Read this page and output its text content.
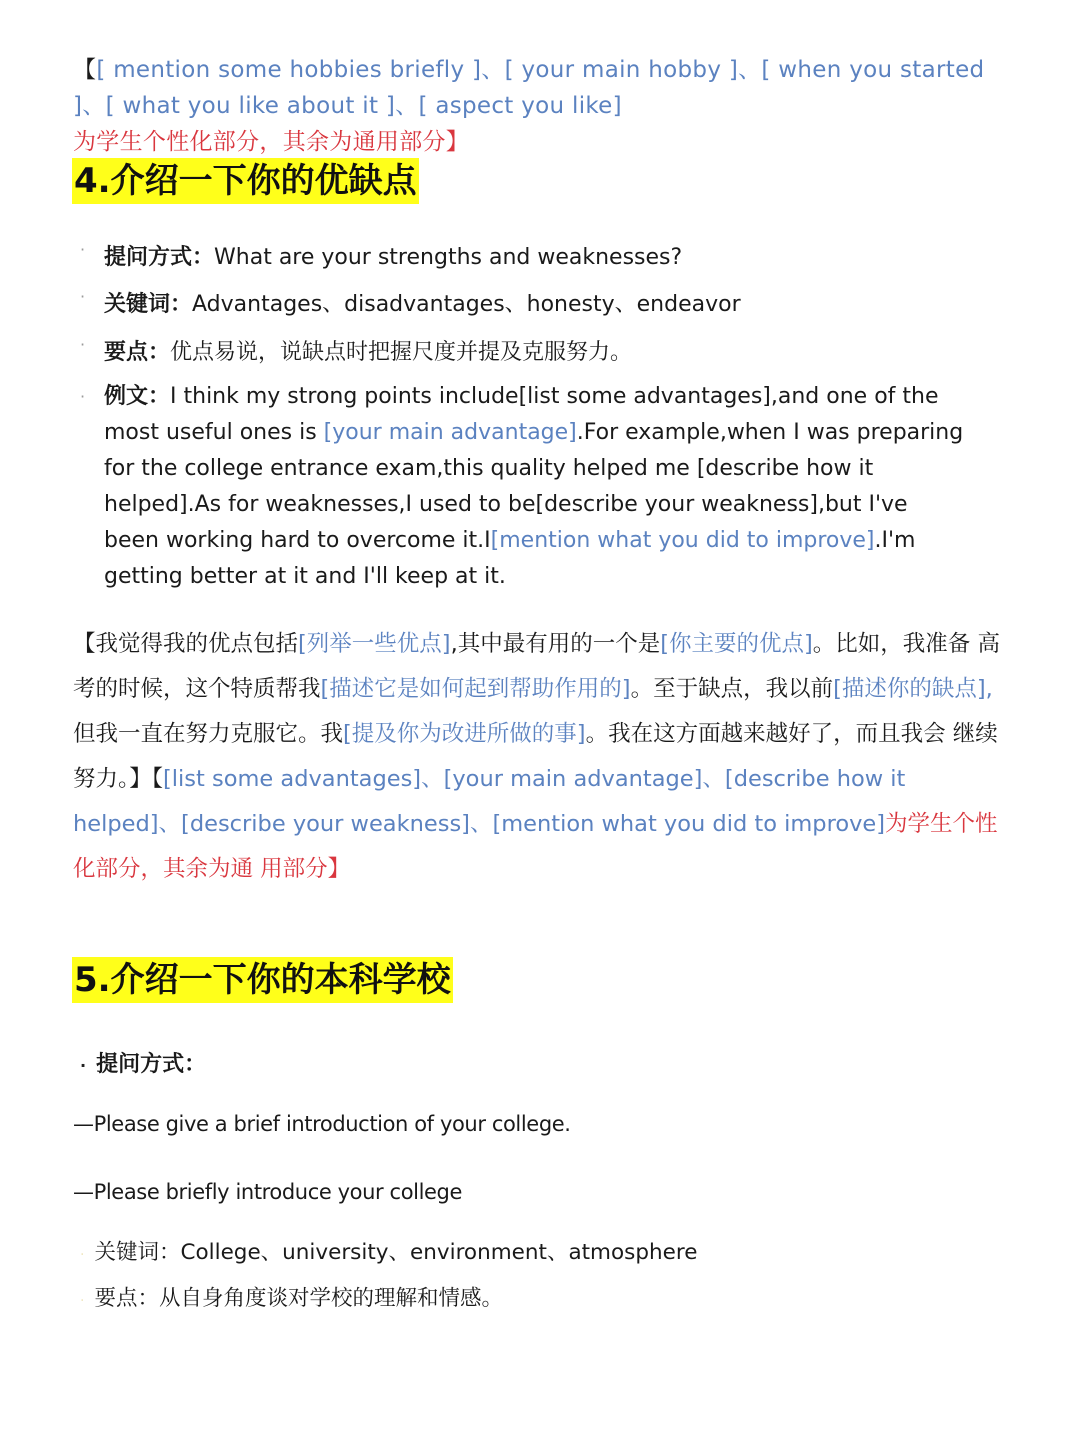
【[ mention some hobbies briefly ]、[ your main hobby ]、[ when you started ]、[ what you like about it ]、[ aspect you like]为学生个性化部分，其余为通用部分】
4.介绍一下你的优缺点
· 提问方式：What are your strengths and weaknesses?
· 关键词：Advantages、disadvantages、honesty、endeavor
· 要点：优点易说，说缺点时把握尺度并提及克服努力。
· 例文：I think my strong points include[list some advantages],and one of the
most useful ones is [your main advantage].For example,when I was preparing
for the college entrance exam,this quality helped me [describe how it
helped].As for weaknesses,I used to be[describe your weakness],but I've
been working hard to overcome it.I[mention what you did to improve].I'm
getting better at it and I'll keep at it.
【我觉得我的优点包括[列举一些优点],其中最有用的一个是[你主要的优点]。比如，我准备 高考的时候，这个特质帮我[描述它是如何起到帮助作用的]。至于缺点，我以前[描述你的缺点],但我一直在努力克服它。我[提及你为改进所做的事]。我在这方面越来越好了，而且我会 继续努力。】【[list some advantages]、[your main advantage]、[describe how it helped]、[describe your weakness]、[mention what you did to improve]为学生个性化部分，其余为通 用部分】
5.介绍一下你的本科学校
· 提问方式：
—Please give a brief introduction of your college.
—Please briefly introduce your college
· 关键词：College、university、environment、atmosphere
· 要点：从自身角度谈对学校的理解和情感。
